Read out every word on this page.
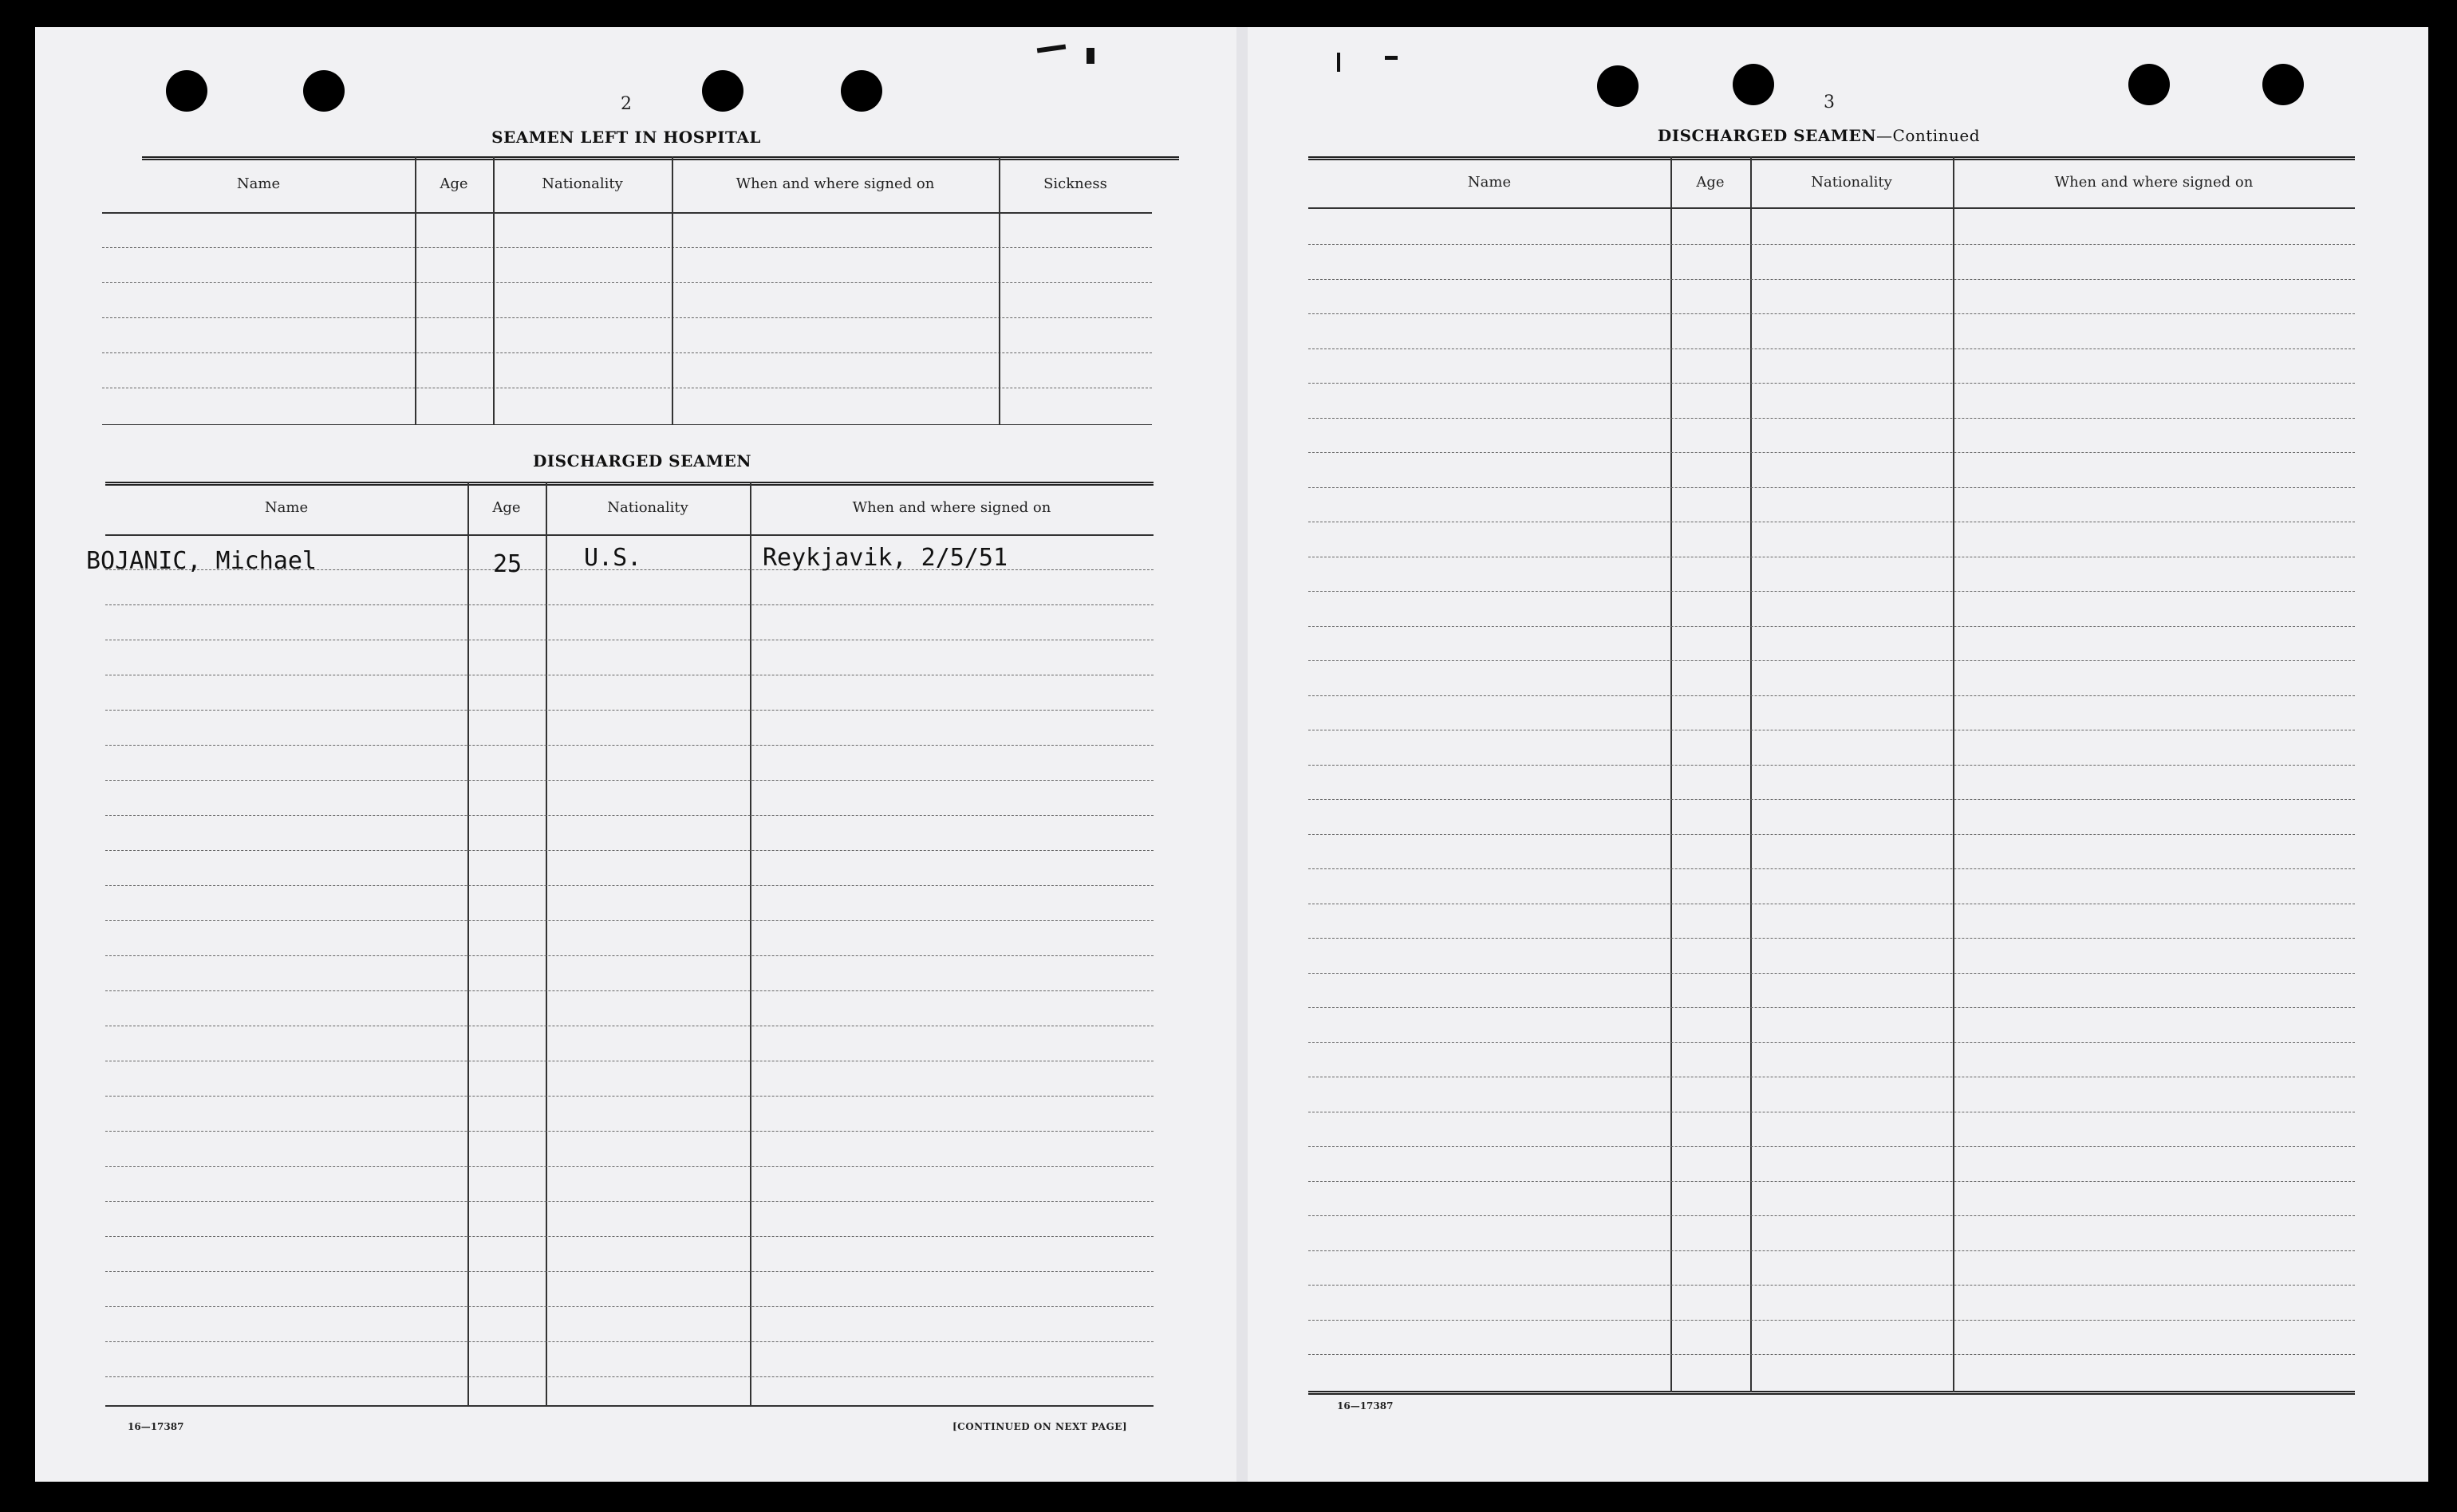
2
SEAMEN LEFT IN HOSPITAL
Name	Age	Nationality	When and where signed on	Sickness
DISCHARGED SEAMEN
Name	Age	Nationality	When and where signed on
BOJANIC, Michael	25	U.S.	Reykjavik, 2/5/51
16—17387	[CONTINUED ON NEXT PAGE]
3
DISCHARGED SEAMEN—Continued
Name	Age	Nationality	When and where signed on
16—17387
